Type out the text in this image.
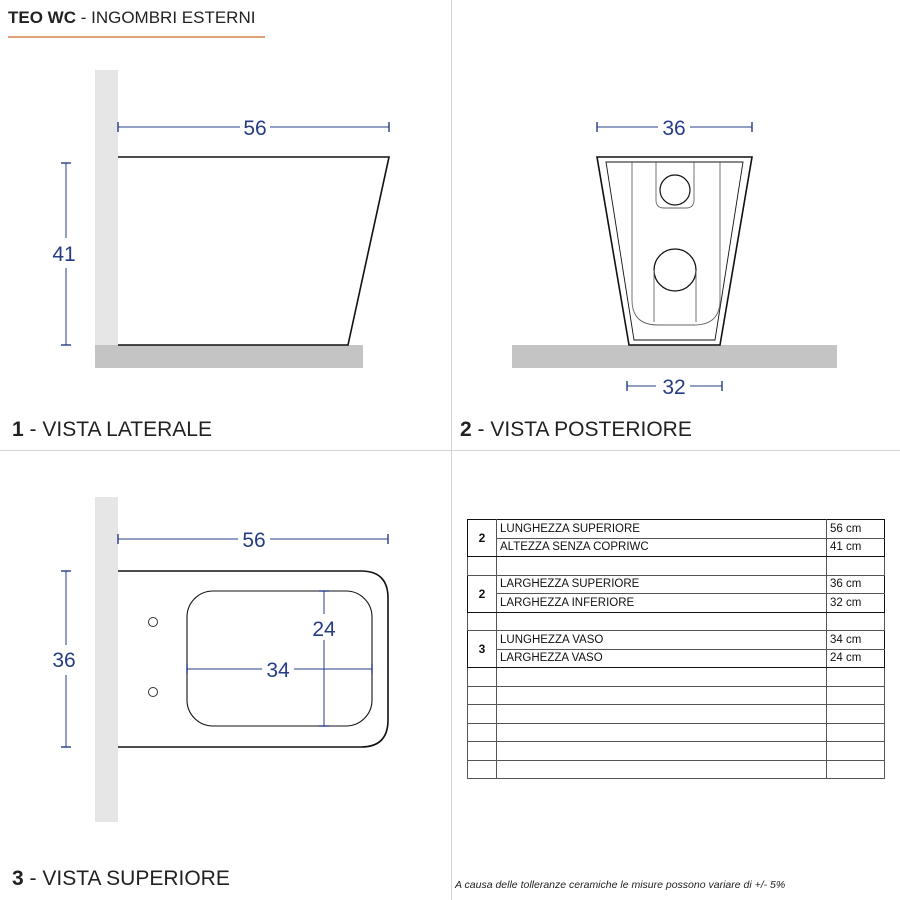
TEO WC - INGOMBRI ESTERNI
56
41
36
32
56
36	34
24
1 - VISTA LATERALE	2 - VISTA POSTERIORE
3 - VISTA SUPERIORE
2	LUNGHEZZA SUPERIORE	56 cm
	ALTEZZA SENZA COPRIWC	41 cm

2	LARGHEZZA SUPERIORE	36 cm
	LARGHEZZA INFERIORE	32 cm

3	LUNGHEZZA VASO	34 cm
	LARGHEZZA VASO	24 cm

A causa delle tolleranze ceramiche le misure possono variare di +/- 5%
